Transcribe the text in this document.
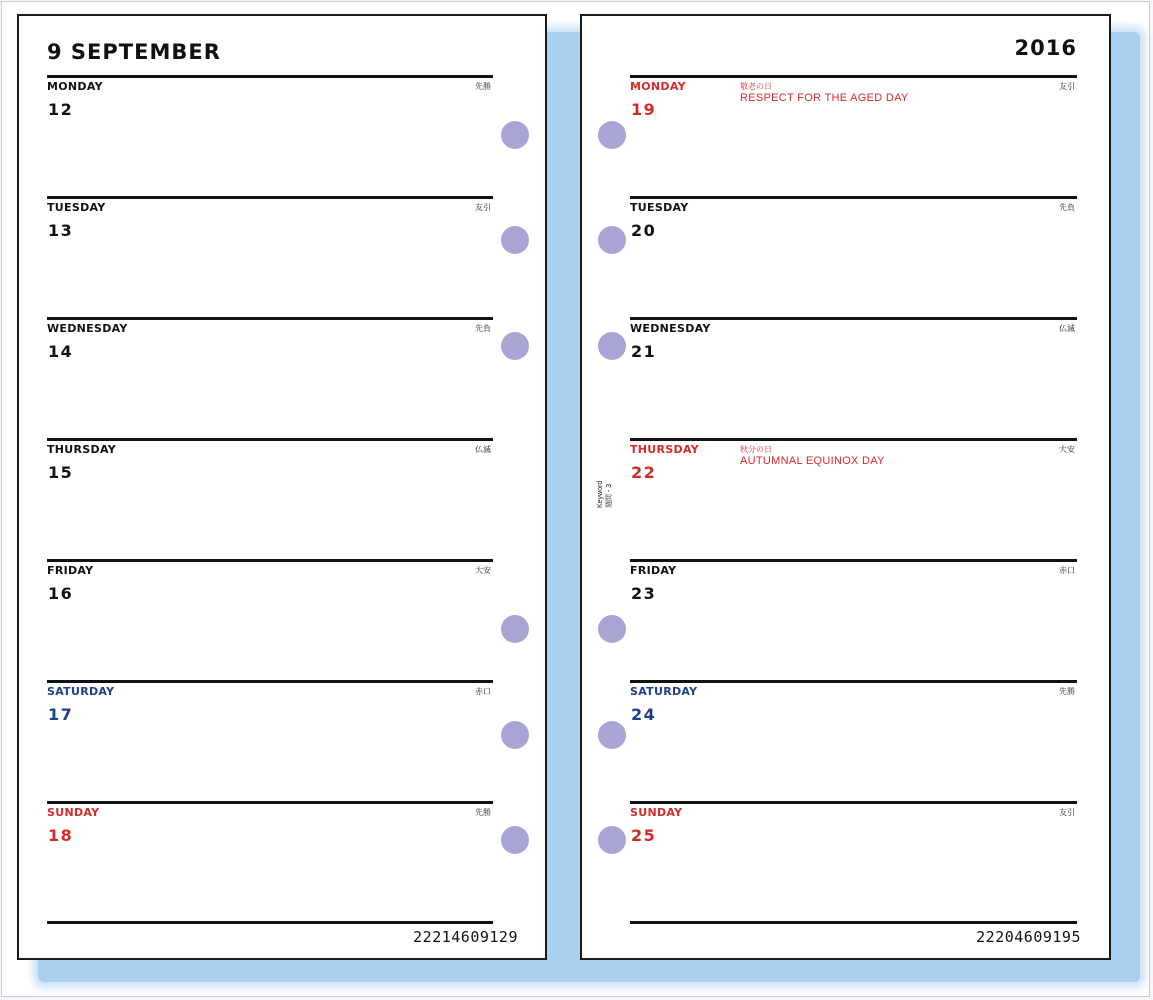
9 SEPTEMBER
MONDAY	先勝
12
TUESDAY	友引
13
WEDNESDAY	先負
14
THURSDAY	仏滅
15
FRIDAY	大安
16
SATURDAY	赤口
17
SUNDAY	先勝
18
22214609129
2016
MONDAY	敬老の日
RESPECT FOR THE AGED DAY
友引
19
TUESDAY	先負
20
WEDNESDAY	仏滅
21
THURSDAY	秋分の日
AUTUMNAL EQUINOX DAY
大安
22
FRIDAY	赤口
23
SATURDAY	先勝
24
SUNDAY	友引
25
22204609195
Keyword 週間 - 3
